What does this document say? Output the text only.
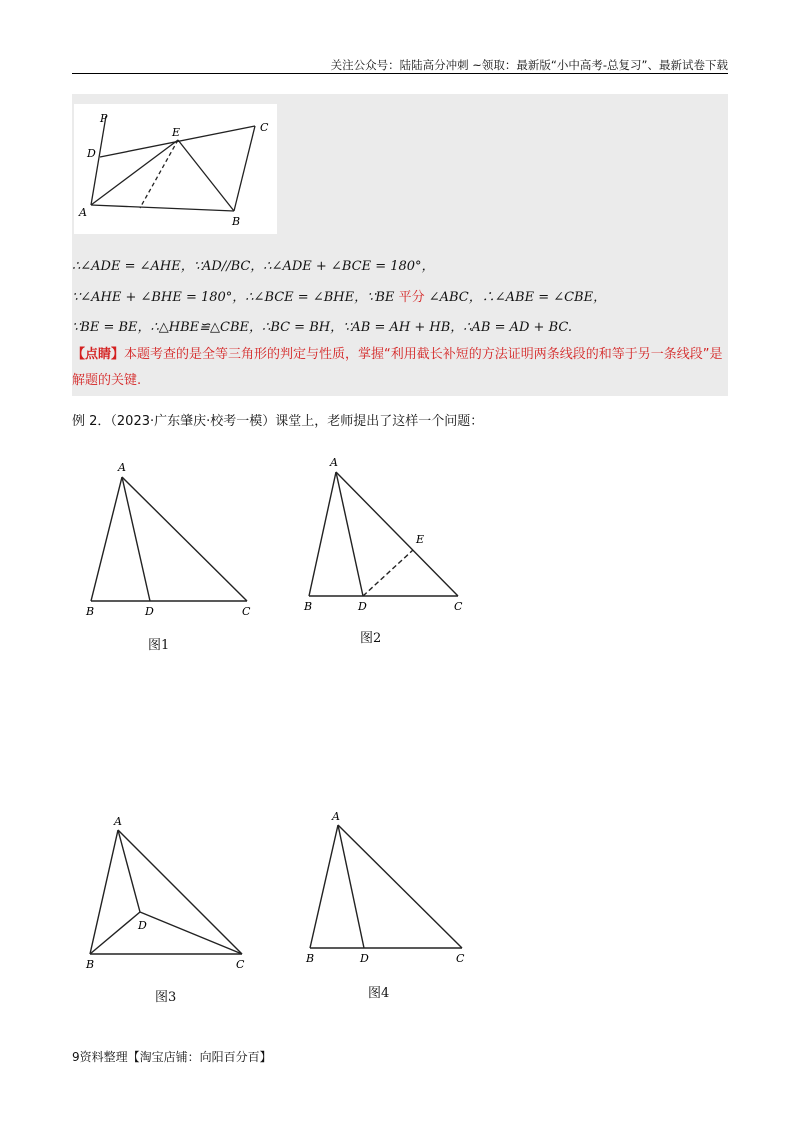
关注公众号：陆陆高分冲刺 ~领取：最新版“小中高考-总复习”、最新试卷下载
P
E	C
D
A
B
∴∠ADE = ∠AHE，∵AD//BC，∴∠ADE + ∠BCE = 180°，
∵∠AHE + ∠BHE = 180°，∴∠BCE = ∠BHE，∵BE 平分 ∠ABC，∴∠ABE = ∠CBE，
∵BE = BE，∴△HBE≌△CBE，∴BC = BH，∵AB = AH + HB，∴AB = AD + BC.
【点睛】本题考查的是全等三角形的判定与性质，掌握“利用截长补短的方法证明两条线段的和等于另一条线段”是解题的关键.
例 2．（2023·广东肇庆·校考一模）课堂上，老师提出了这样一个问题：
A
B	D	C
图1
A
E
B	D	C
图2
A
D
B	C
图3
A
B	D	C
图4
9资料整理【淘宝店铺：向阳百分百】
